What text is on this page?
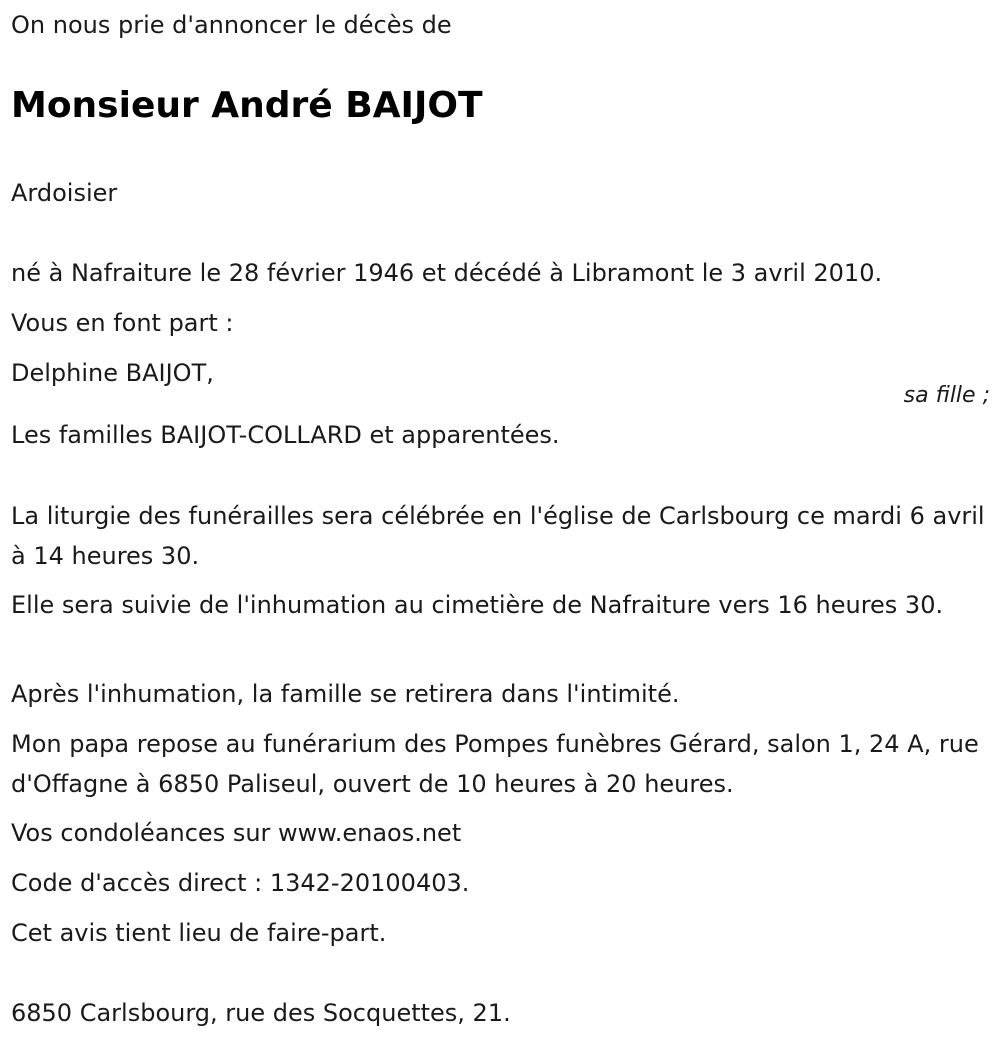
On nous prie d'annoncer le décès de

Monsieur André BAIJOT

Ardoisier

né à Nafraiture le 28 février 1946 et décédé à Libramont le 3 avril 2010.

Vous en font part :

Delphine BAIJOT,

sa fille ;

Les familles BAIJOT-COLLARD et apparentées.

La liturgie des funérailles sera célébrée en l'église de Carlsbourg ce mardi 6 avril à 14 heures 30.

Elle sera suivie de l'inhumation au cimetière de Nafraiture vers 16 heures 30.

Après l'inhumation, la famille se retirera dans l'intimité.

Mon papa repose au funérarium des Pompes funèbres Gérard, salon 1, 24 A, rue d'Offagne à 6850 Paliseul, ouvert de 10 heures à 20 heures.

Vos condoléances sur www.enaos.net

Code d'accès direct : 1342-20100403.

Cet avis tient lieu de faire-part.

6850 Carlsbourg, rue des Socquettes, 21.
